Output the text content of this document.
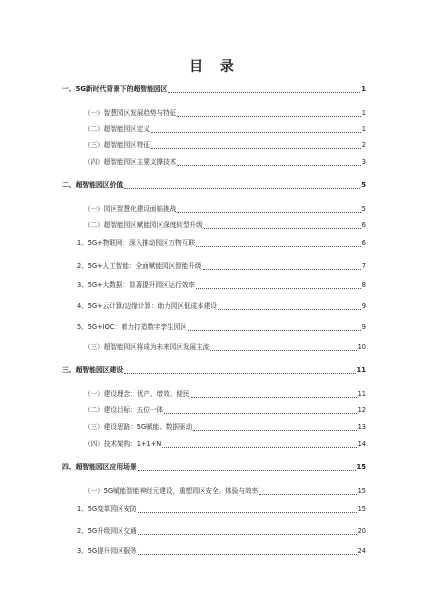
目 录
一、5G新时代背景下的超智能园区	1
（一）智慧园区发展趋势与特征	1
（二）超智能园区定义	1
（三）超智能园区特征	2
（四）超智能园区主要支撑技术	3
二、超智能园区价值	5
（一）园区智慧化建设面临挑战	5
（二）超智能园区赋能园区深度转型升级	6
1、5G+物联网：深入推动园区万物互联	6
2、5G+人工智能：全面赋能园区智能升级	7
3、5G+大数据：显著提升园区运行效率	8
4、5G+云计算/边缘计算：助力园区低成本建设	9
5、5G+IOC：着力打造数字孪生园区	9
（三）超智能园区将成为未来园区发展主流	10
三、超智能园区建设	11
（一）建设理念：优产、增效、便民	11
（二）建设目标：五位一体	12
（三）建设思路：5G赋能、数据驱动	13
（四）技术架构：1+1+N	14
四、超智能园区应用场景	15
（一）5G赋能智能神经元建设，重塑园区安全、体验与效率	15
1、5G变革园区安防	15
2、5G升级园区交通	20
3、5G提升园区服务	24
